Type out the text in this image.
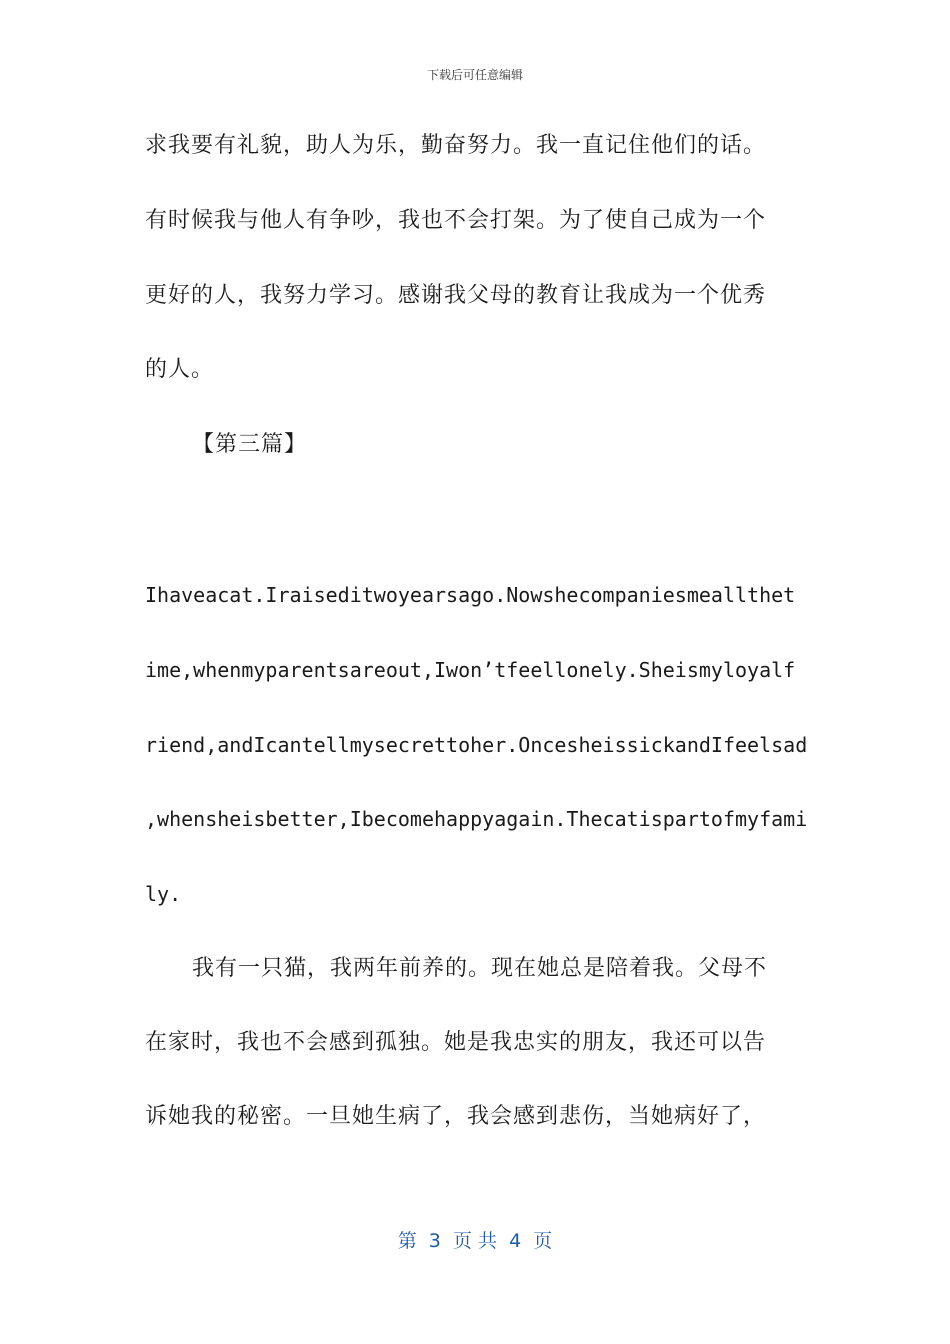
下载后可任意编辑
求我要有礼貌，助人为乐，勤奋努力。我一直记住他们的话。
有时候我与他人有争吵，我也不会打架。为了使自己成为一个
更好的人，我努力学习。感谢我父母的教育让我成为一个优秀
的人。
【第三篇】
Ihaveacat.Iraiseditwoyearsago.Nowshecompaniesmeallthet
ime,whenmyparentsareout,Iwon’tfeellonely.Sheismyloyalf
riend,andIcantellmysecrettoher.OncesheissickandIfeelsad
,whensheisbetter,Ibecomehappyagain.Thecatispartofmyfami
ly.
我有一只猫，我两年前养的。现在她总是陪着我。父母不
在家时，我也不会感到孤独。她是我忠实的朋友，我还可以告
诉她我的秘密。一旦她生病了，我会感到悲伤，当她病好了，
第  3  页 共  4  页
